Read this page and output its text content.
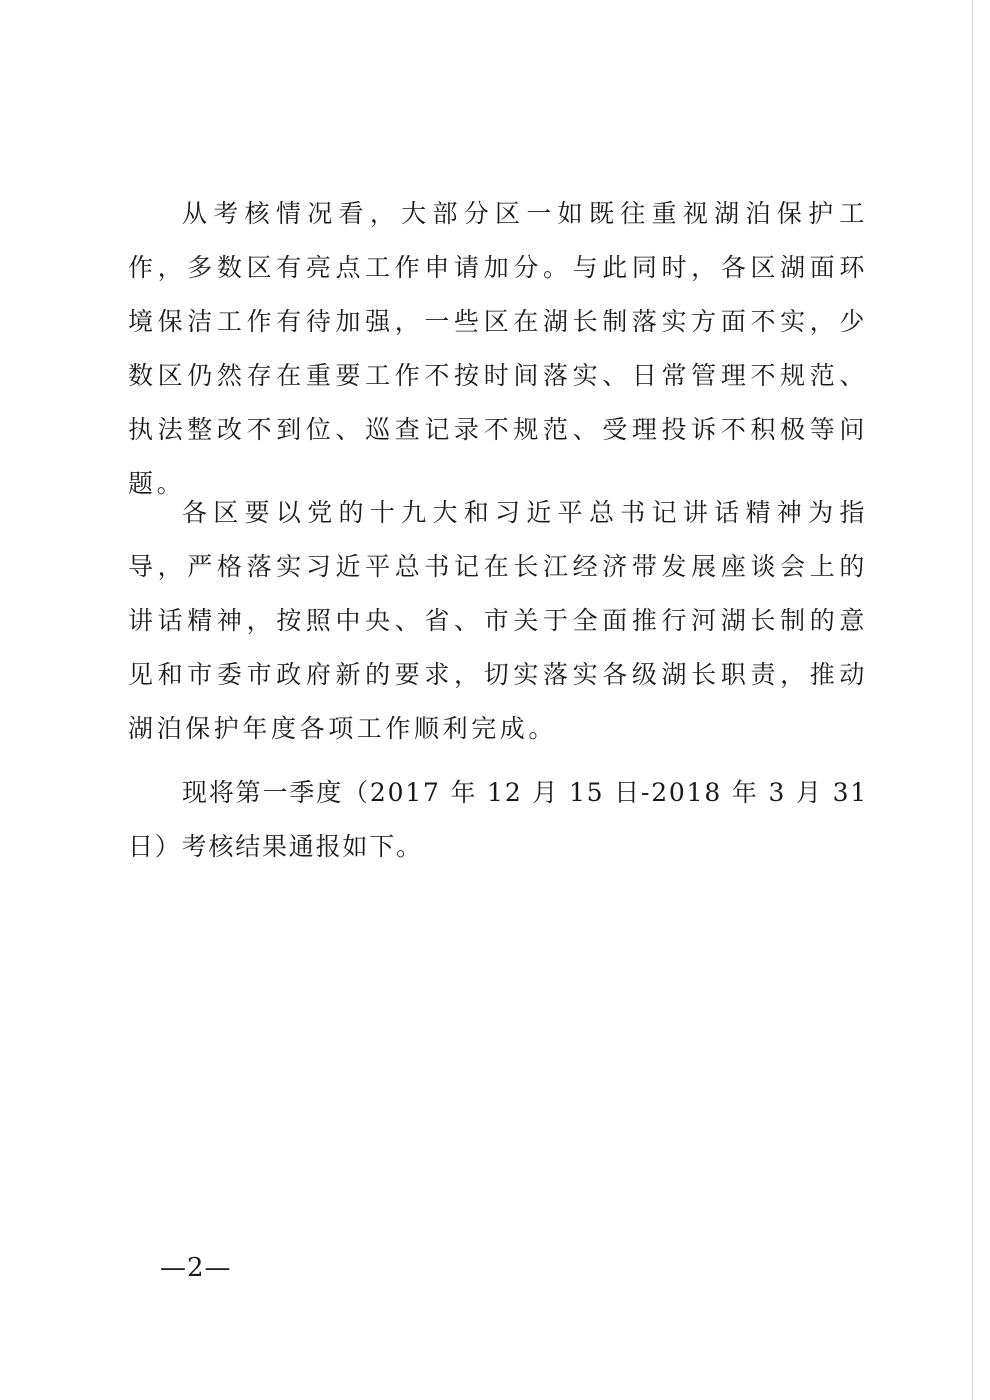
从考核情况看，大部分区一如既往重视湖泊保护工作，多数区有亮点工作申请加分。与此同时，各区湖面环境保洁工作有待加强，一些区在湖长制落实方面不实，少数区仍然存在重要工作不按时间落实、日常管理不规范、执法整改不到位、巡查记录不规范、受理投诉不积极等问题。

各区要以党的十九大和习近平总书记讲话精神为指导，严格落实习近平总书记在长江经济带发展座谈会上的讲话精神，按照中央、省、市关于全面推行河湖长制的意见和市委市政府新的要求，切实落实各级湖长职责，推动湖泊保护年度各项工作顺利完成。

现将第一季度（2017 年 12 月 15 日-2018 年 3 月 31 日）考核结果通报如下。

—2—
